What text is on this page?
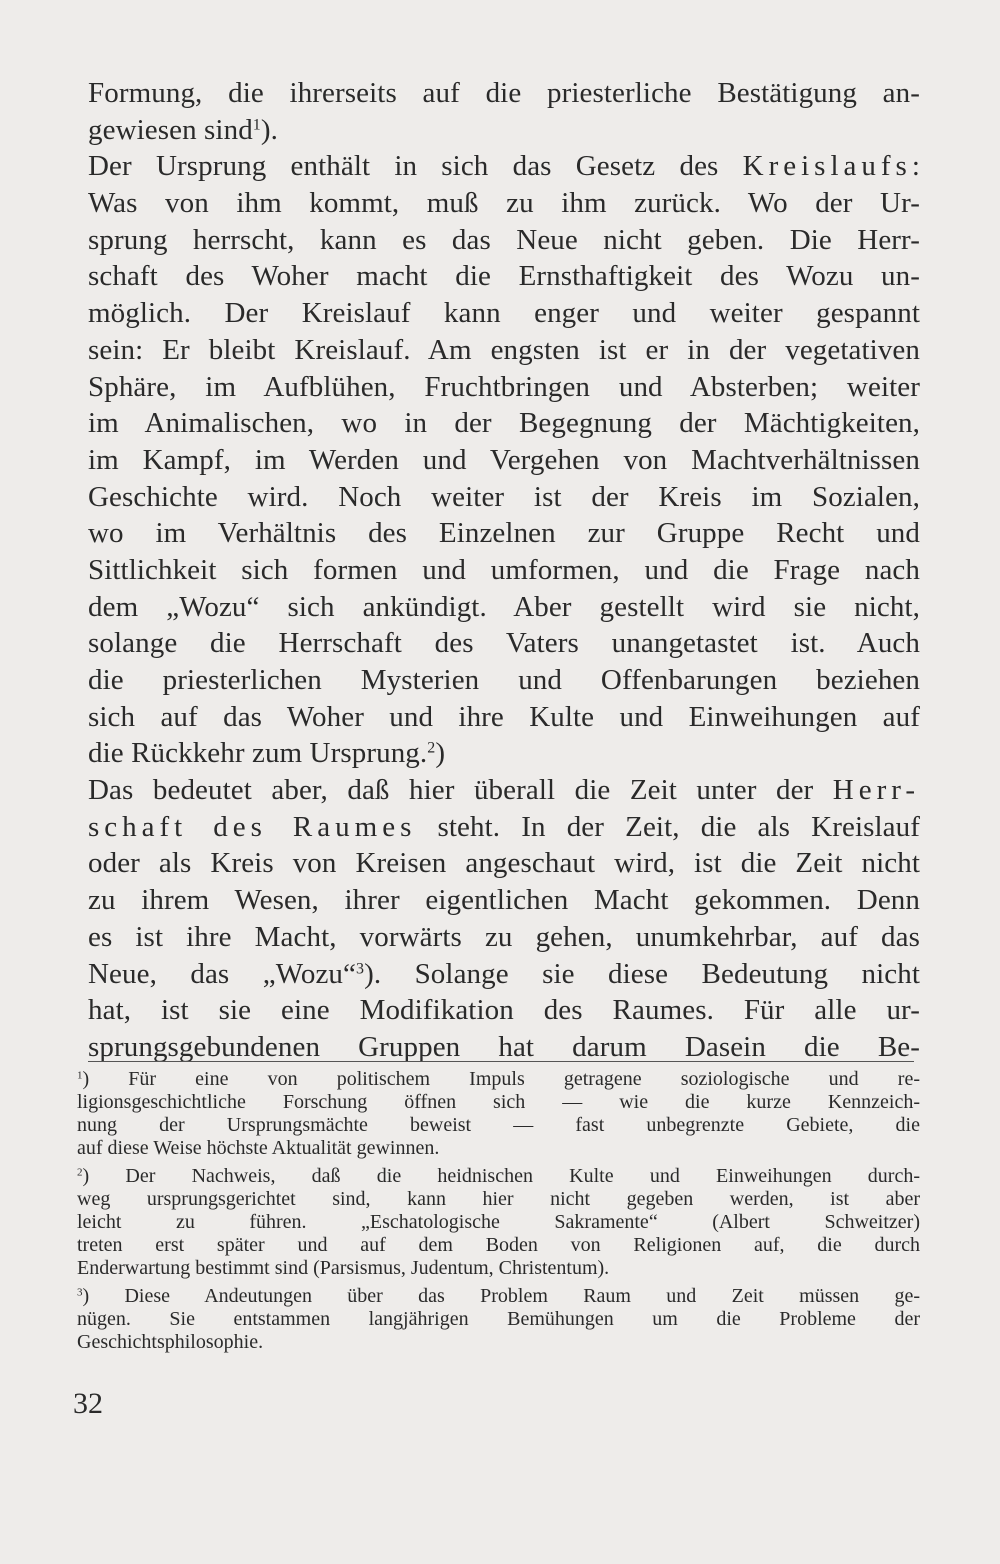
Formung, die ihrerseits auf die priesterliche Bestätigung an-
gewiesen sind$^1$).
Der Ursprung enthält in sich das Gesetz des Kreislaufs:
Was von ihm kommt, muß zu ihm zurück. Wo der Ur-
sprung herrscht, kann es das Neue nicht geben. Die Herr-
schaft des Woher macht die Ernsthaftigkeit des Wozu un-
möglich. Der Kreislauf kann enger und weiter gespannt
sein: Er bleibt Kreislauf. Am engsten ist er in der vegetativen
Sphäre, im Aufblühen, Fruchtbringen und Absterben; weiter
im Animalischen, wo in der Begegnung der Mächtigkeiten,
im Kampf, im Werden und Vergehen von Machtverhältnissen
Geschichte wird. Noch weiter ist der Kreis im Sozialen,
wo im Verhältnis des Einzelnen zur Gruppe Recht und
Sittlichkeit sich formen und umformen, und die Frage nach
dem „Wozu“ sich ankündigt. Aber gestellt wird sie nicht,
solange die Herrschaft des Vaters unangetastet ist. Auch
die priesterlichen Mysterien und Offenbarungen beziehen
sich auf das Woher und ihre Kulte und Einweihungen auf
die Rückkehr zum Ursprung.$^2$)
Das bedeutet aber, daß hier überall die Zeit unter der Herr-
schaft des Raumes steht. In der Zeit, die als Kreislauf
oder als Kreis von Kreisen angeschaut wird, ist die Zeit nicht
zu ihrem Wesen, ihrer eigentlichen Macht gekommen. Denn
es ist ihre Macht, vorwärts zu gehen, unumkehrbar, auf das
Neue, das „Wozu“$^3$). Solange sie diese Bedeutung nicht
hat, ist sie eine Modifikation des Raumes. Für alle ur-
sprungsgebundenen Gruppen hat darum Dasein die Be-
$^1$) Für eine von politischem Impuls getragene soziologische und re-
ligionsgeschichtliche Forschung öffnen sich — wie die kurze Kennzeich-
nung der Ursprungsmächte beweist — fast unbegrenzte Gebiete, die
auf diese Weise höchste Aktualität gewinnen.
$^2$) Der Nachweis, daß die heidnischen Kulte und Einweihungen durch-
weg ursprungsgerichtet sind, kann hier nicht gegeben werden, ist aber
leicht zu führen. „Eschatologische Sakramente“ (Albert Schweitzer)
treten erst später und auf dem Boden von Religionen auf, die durch
Enderwartung bestimmt sind (Parsismus, Judentum, Christentum).
$^3$) Diese Andeutungen über das Problem Raum und Zeit müssen ge-
nügen. Sie entstammen langjährigen Bemühungen um die Probleme der
Geschichtsphilosophie.
32
